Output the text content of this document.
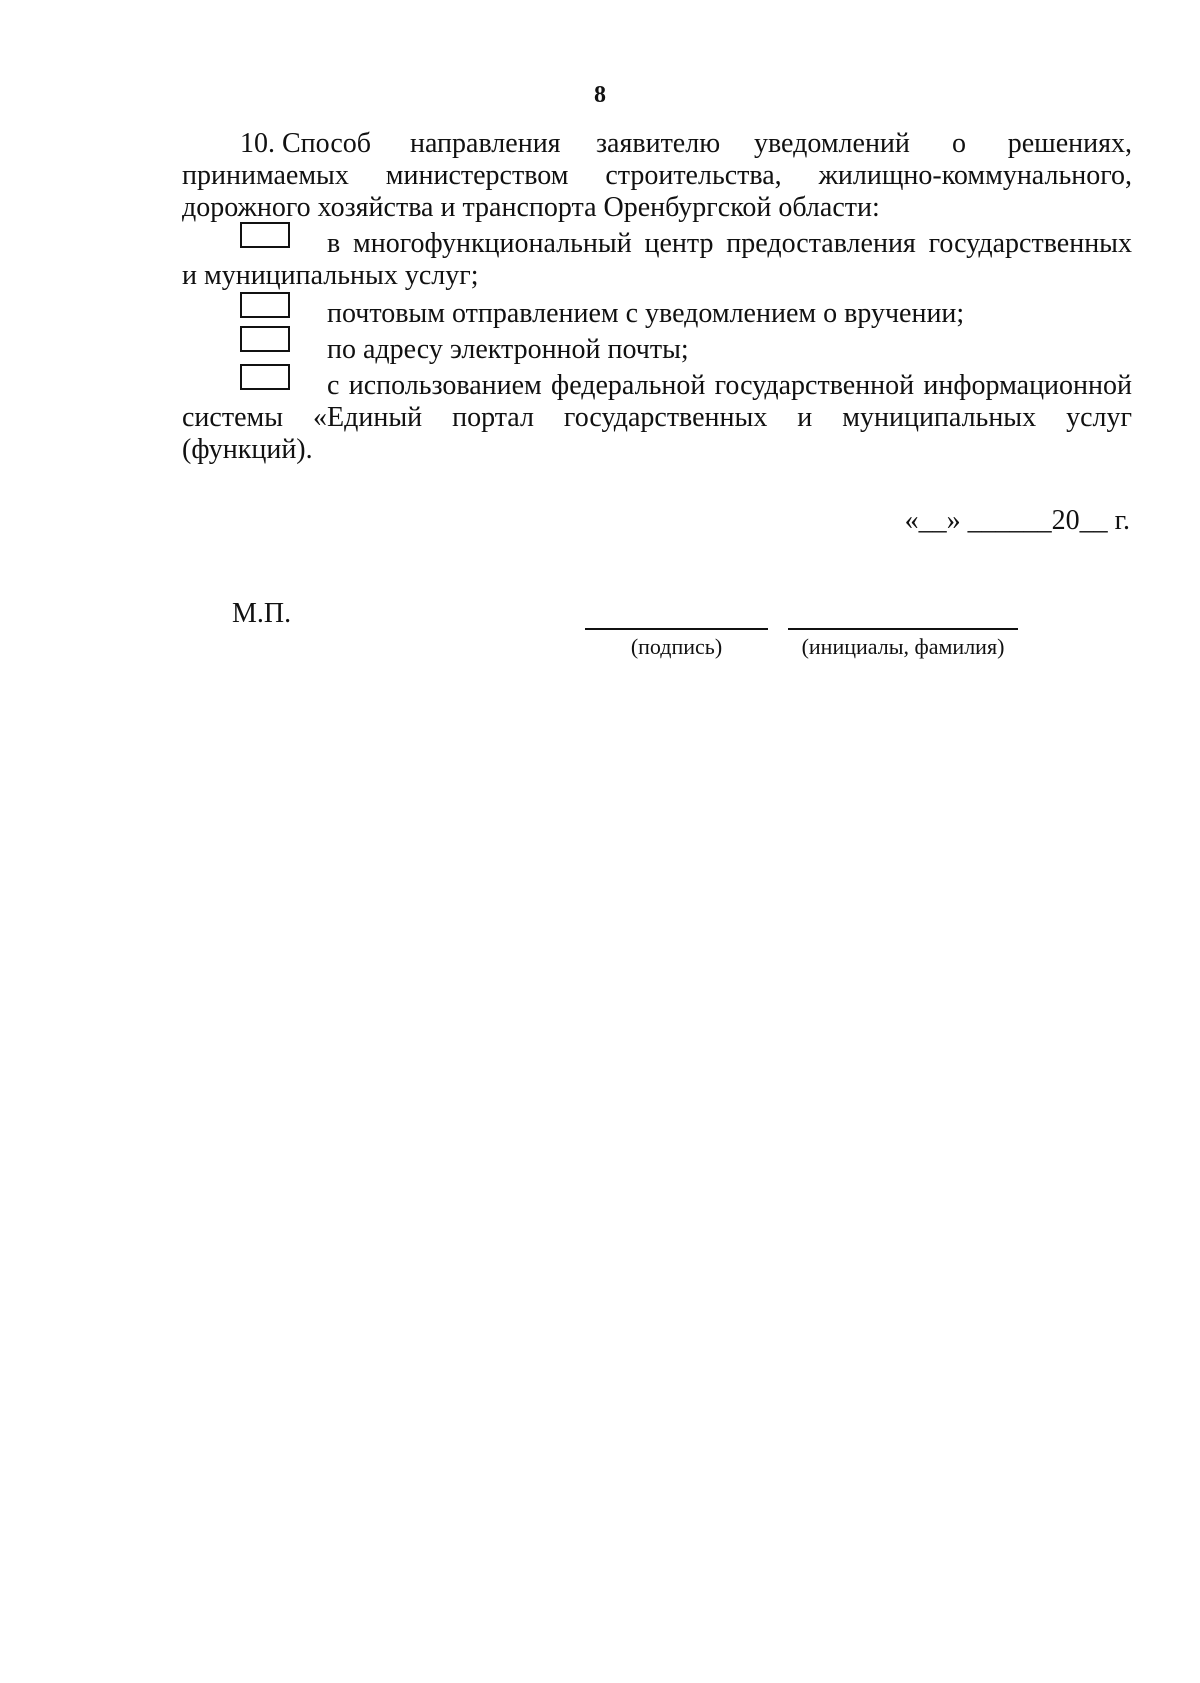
8
10. Способ направления заявителю уведомлений о решениях,
принимаемых министерством строительства, жилищно-коммунального,
дорожного хозяйства и транспорта Оренбургской области:
в многофункциональный центр предоставления государственных
и муниципальных услуг;
почтовым отправлением с уведомлением о вручении;
по адресу электронной почты;
с использованием федеральной государственной информационной
системы «Единый портал государственных и муниципальных услуг
(функций).
«__» ______20__ г.
М.П.
(подпись)	(инициалы, фамилия)
